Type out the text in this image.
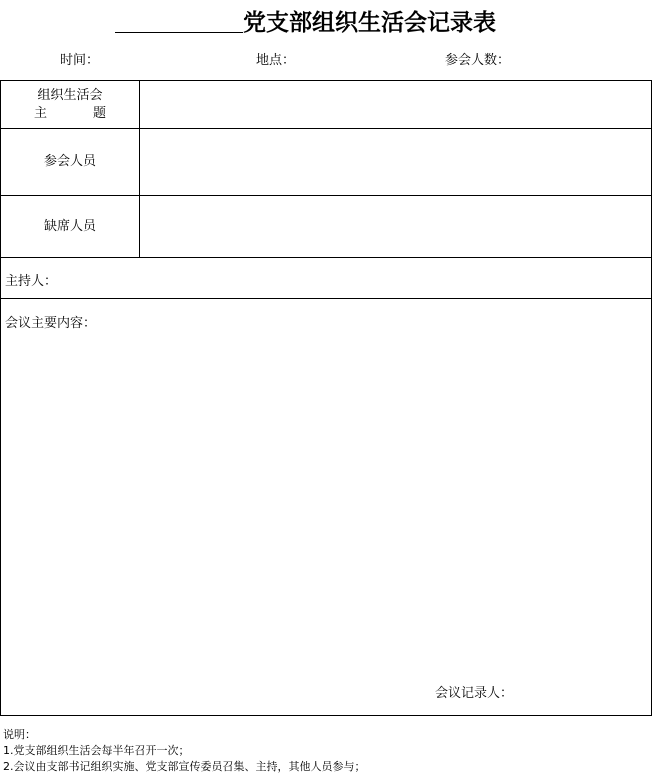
党支部组织生活会记录表
时间：	地点：	参会人数：
组织生活会
主	题
参会人员
缺席人员
主持人：
会议主要内容：
会议记录人：
说明：
1.党支部组织生活会每半年召开一次；
2.会议由支部书记组织实施、党支部宣传委员召集、主持，其他人员参与；
